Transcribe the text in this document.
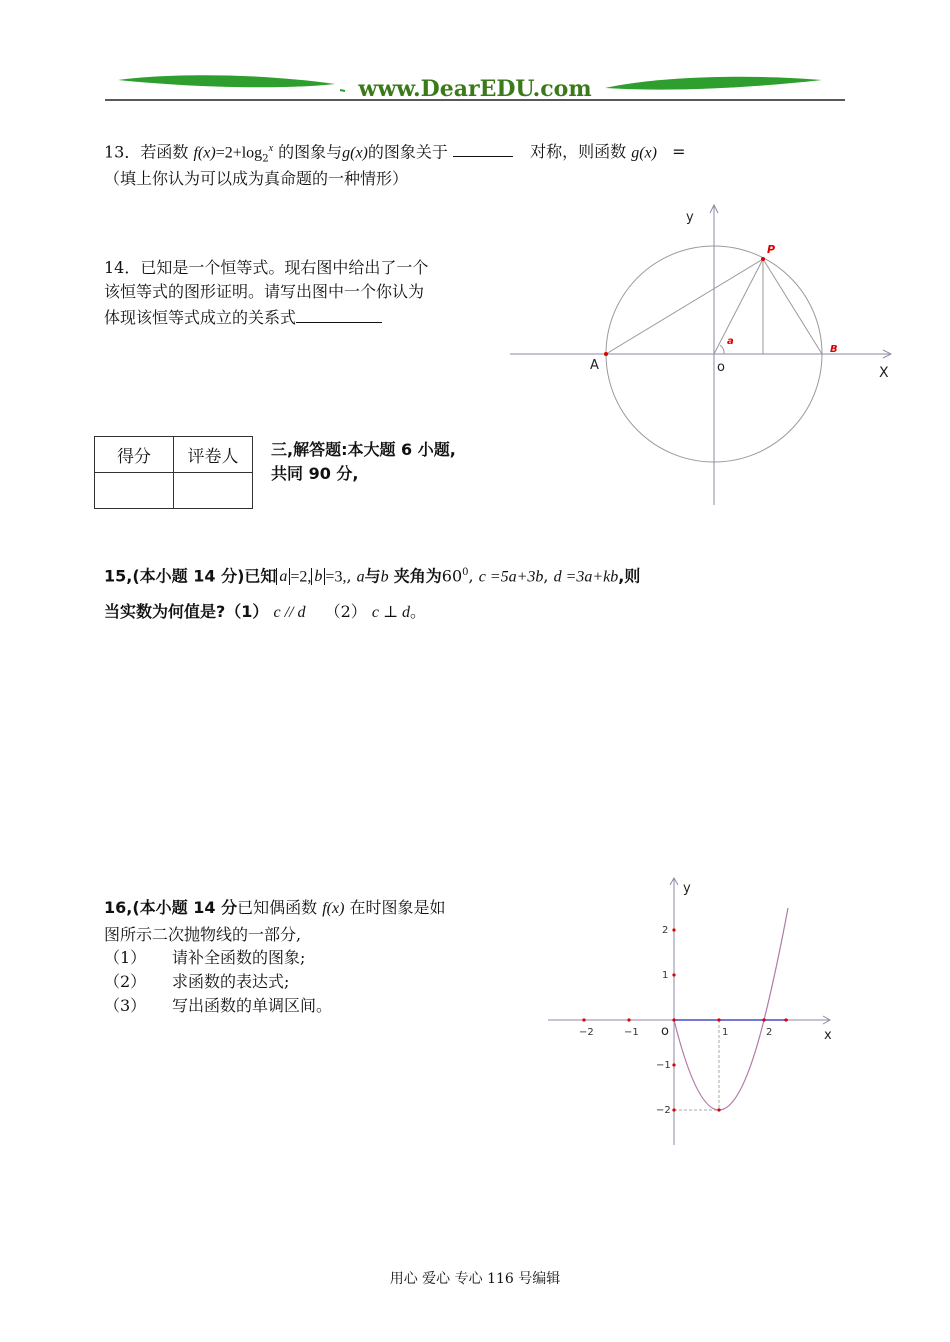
www.DearEDU.com
13．若函数 $f(x)=2+\log_2^x$ 的图象与g(x)的图象关于	对称，则函数 g(x) =
（填上你认为可以成为真命题的一种情形）
14．已知是一个恒等式。现右图中给出了一个
该恒等式的图形证明。请写出图中一个你认为
体现该恒等式成立的关系式
y
X
o
P
A
B
a
得分	评卷人
	三,解答题:本大题 6 小题,
共同 90 分,
15,(本小题 14 分)已知 a =2, b =3,, a与b 夹角为$60^0$, c =5a+3b, d =3a+kb,则
当实数为何值是?（1） c // d （2） c ⊥ d。
16,(本小题 14 分已知偶函数 f(x) 在时图象是如
图所示二次抛物线的一部分,
（1） 请补全函数的图象;
（2） 求函数的表达式;
（3） 写出函数的单调区间。
y
x
o
−2	−1	1	2
2
1
−1
−2
用心 爱心 专心 116 号编辑
